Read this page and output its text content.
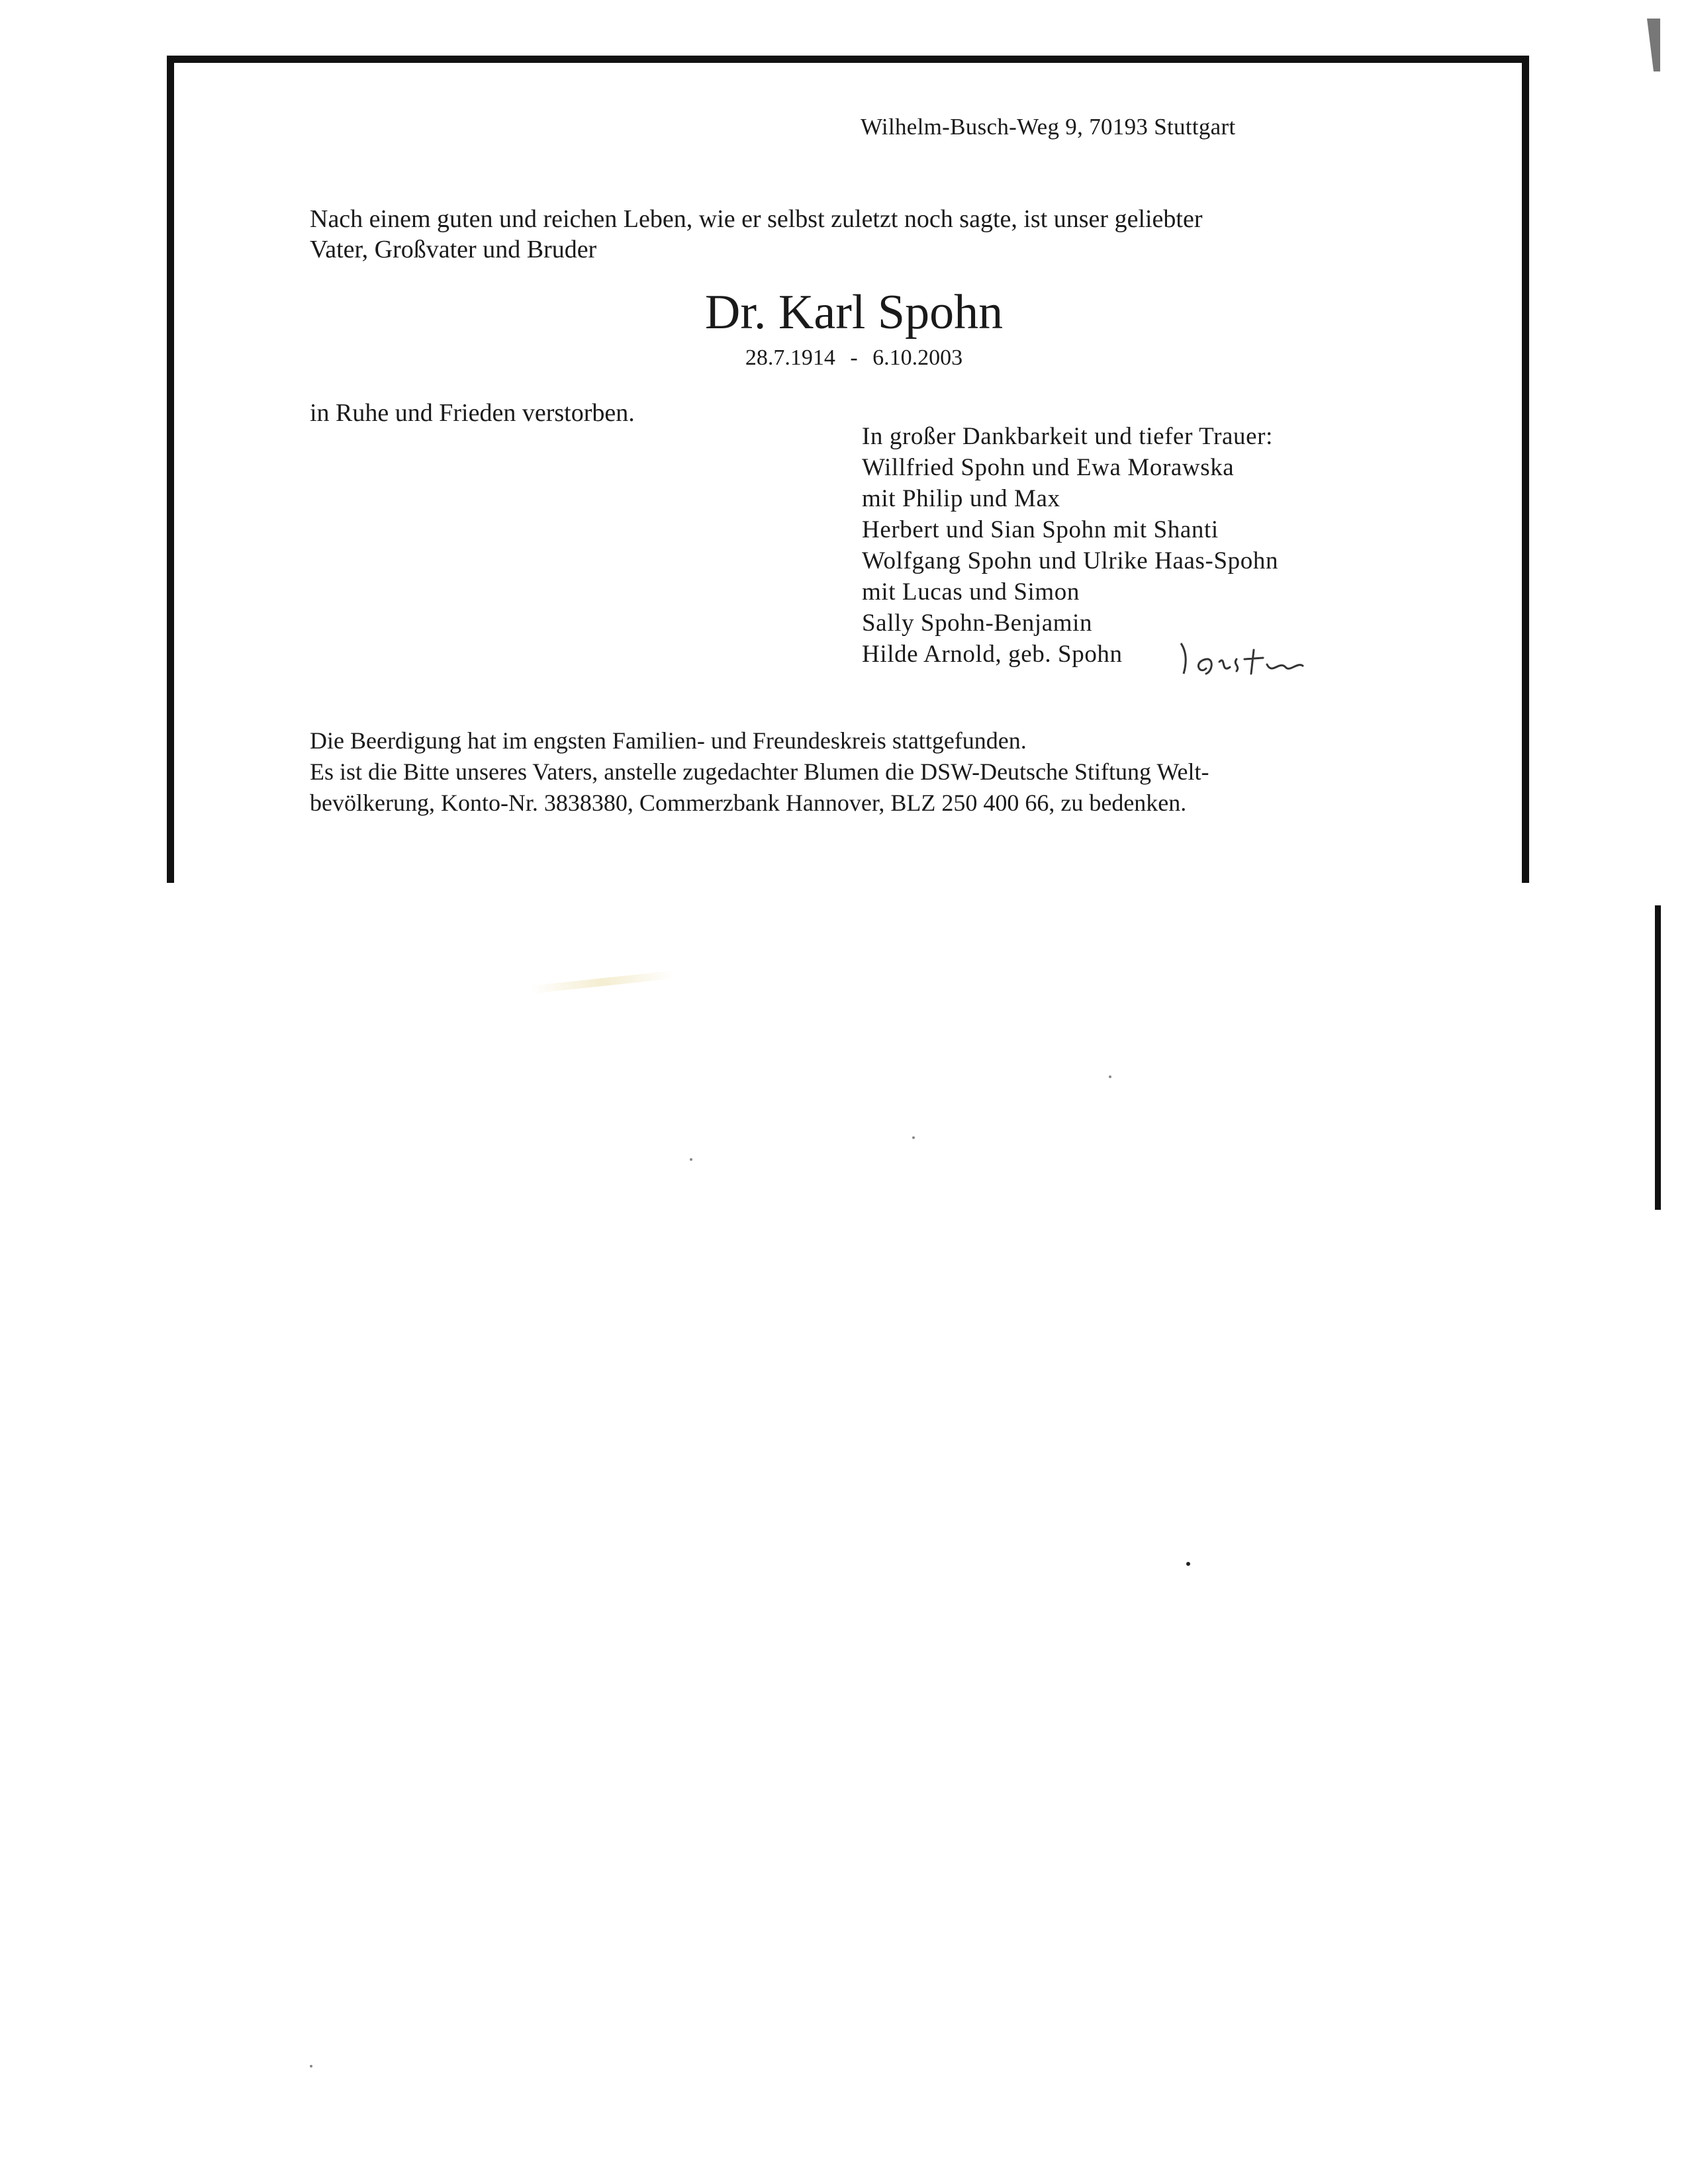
Wilhelm-Busch-Weg 9, 70193 Stuttgart
Nach einem guten und reichen Leben, wie er selbst zuletzt noch sagte, ist unser geliebter
Vater, Großvater und Bruder
Dr. Karl Spohn
28.7.1914 - 6.10.2003
in Ruhe und Frieden verstorben.
In großer Dankbarkeit und tiefer Trauer:
Willfried Spohn und Ewa Morawska
mit Philip und Max
Herbert und Sian Spohn mit Shanti
Wolfgang Spohn und Ulrike Haas-Spohn
mit Lucas und Simon
Sally Spohn-Benjamin
Hilde Arnold, geb. Spohn
Die Beerdigung hat im engsten Familien- und Freundeskreis stattgefunden.
Es ist die Bitte unseres Vaters, anstelle zugedachter Blumen die DSW-Deutsche Stiftung Welt-
bevölkerung, Konto-Nr. 3838380, Commerzbank Hannover, BLZ 250 400 66, zu bedenken.
